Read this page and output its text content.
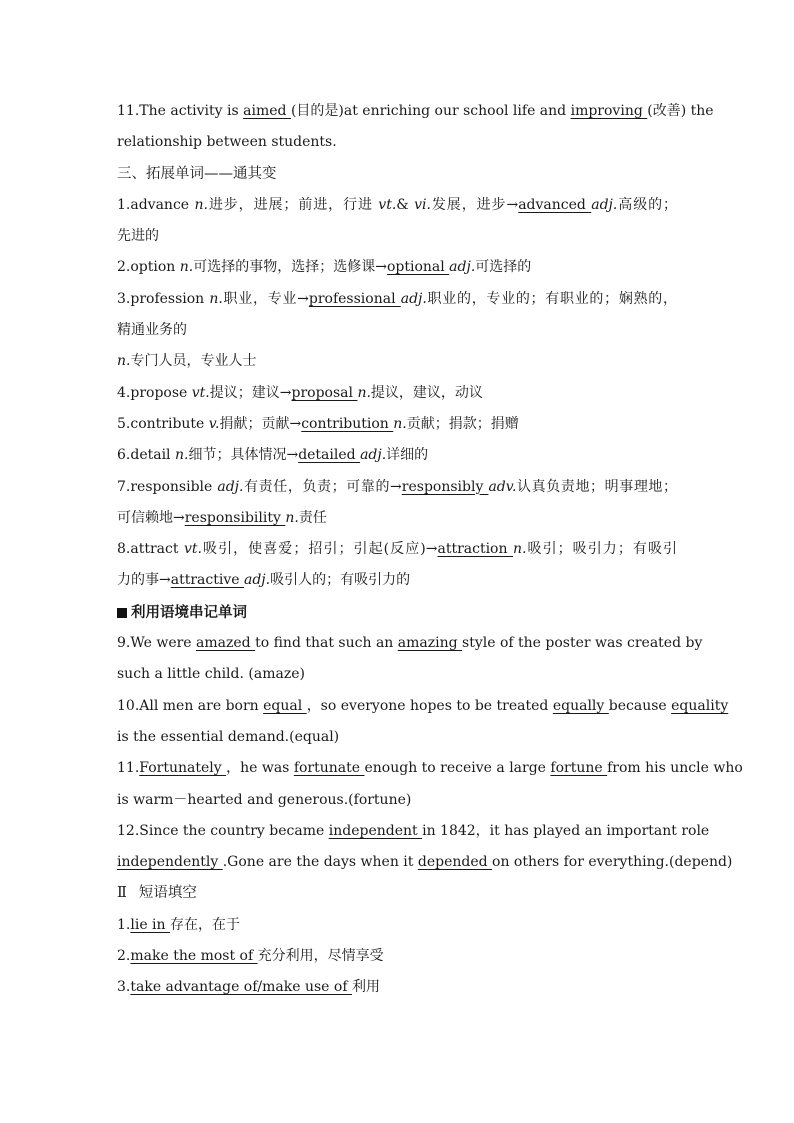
11.The activity is aimed (目的是)at enriching our school life and improving (改善) the
relationship between students.
三、拓展单词——通其变
1.advance n.进步，进展；前进，行进 vt.& vi.发展，进步→advanced adj.高级的；
先进的
2.option n.可选择的事物，选择；选修课→optional adj.可选择的
3.profession n.职业，专业→professional adj.职业的，专业的；有职业的；娴熟的，
精通业务的
n.专门人员，专业人士
4.propose vt.提议；建议→proposal n.提议，建议，动议
5.contribute v.捐献；贡献→contribution n.贡献；捐款；捐赠
6.detail n.细节；具体情况→detailed adj.详细的
7.responsible adj.有责任，负责；可靠的→responsibly adv.认真负责地；明事理地；
可信赖地→responsibility n.责任
8.attract vt.吸引，使喜爱；招引；引起(反应)→attraction n.吸引；吸引力；有吸引
力的事→attractive adj.吸引人的；有吸引力的
利用语境串记单词
9.We were amazed to find that such an amazing style of the poster was created by
such a little child. (amaze)
10.All men are born equal ，so everyone hopes to be treated equally because equality
is the essential demand.(equal)
11.Fortunately ，he was fortunate enough to receive a large fortune from his uncle who
is warm－hearted and generous.(fortune)
12.Since the country became independent in 1842，it has played an important role
independently .Gone are the days when it depended on others for everything.(depend)
Ⅱ 短语填空
1.lie in 存在，在于
2.make the most of 充分利用，尽情享受
3.take advantage of/make use of 利用
